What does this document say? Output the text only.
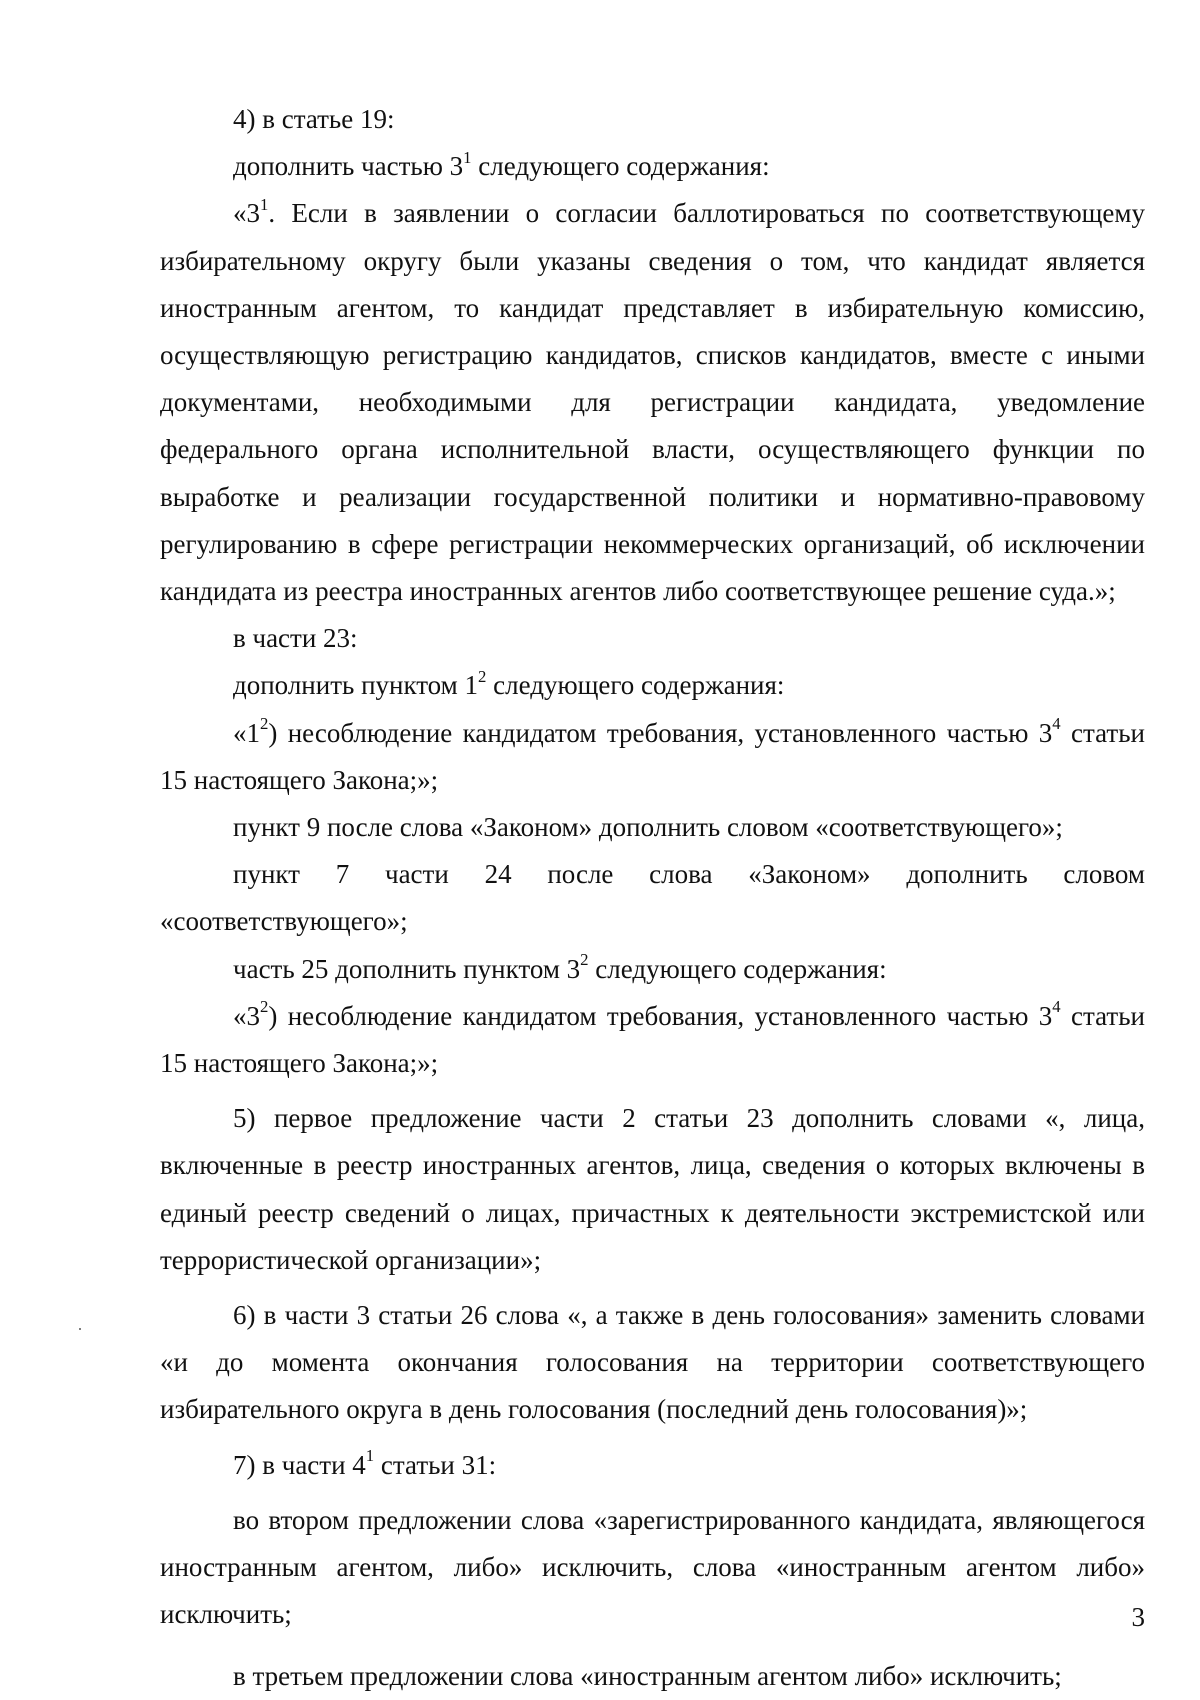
4) в статье 19:

дополнить частью $3^1$ следующего содержания:

«$3^1$. Если в заявлении о согласии баллотироваться по соответствующему избирательному округу были указаны сведения о том, что кандидат является иностранным агентом, то кандидат представляет в избирательную комиссию, осуществляющую регистрацию кандидатов, списков кандидатов, вместе с иными документами, необходимыми для регистрации кандидата, уведомление федерального органа исполнительной власти, осуществляющего функции по выработке и реализации государственной политики и нормативно-правовому регулированию в сфере регистрации некоммерческих организаций, об исключении кандидата из реестра иностранных агентов либо соответствующее решение суда.»;

в части 23:

дополнить пунктом $1^2$ следующего содержания:

«$1^2$) несоблюдение кандидатом требования, установленного частью $3^4$ статьи 15 настоящего Закона;»;

пункт 9 после слова «Законом» дополнить словом «соответствующего»;

пункт 7 части 24 после слова «Законом» дополнить словом «соответствующего»;

часть 25 дополнить пунктом $3^2$ следующего содержания:

«$3^2$) несоблюдение кандидатом требования, установленного частью $3^4$ статьи 15 настоящего Закона;»;

5) первое предложение части 2 статьи 23 дополнить словами «, лица, включенные в реестр иностранных агентов, лица, сведения о которых включены в единый реестр сведений о лицах, причастных к деятельности экстремистской или террористической организации»;

6) в части 3 статьи 26 слова «, а также в день голосования» заменить словами «и до момента окончания голосования на территории соответствующего избирательного округа в день голосования (последний день голосования)»;

7) в части $4^1$ статьи 31:

во втором предложении слова «зарегистрированного кандидата, являющегося иностранным агентом, либо» исключить, слова «иностранным агентом либо» исключить;

в третьем предложении слова «иностранным агентом либо» исключить;

3
